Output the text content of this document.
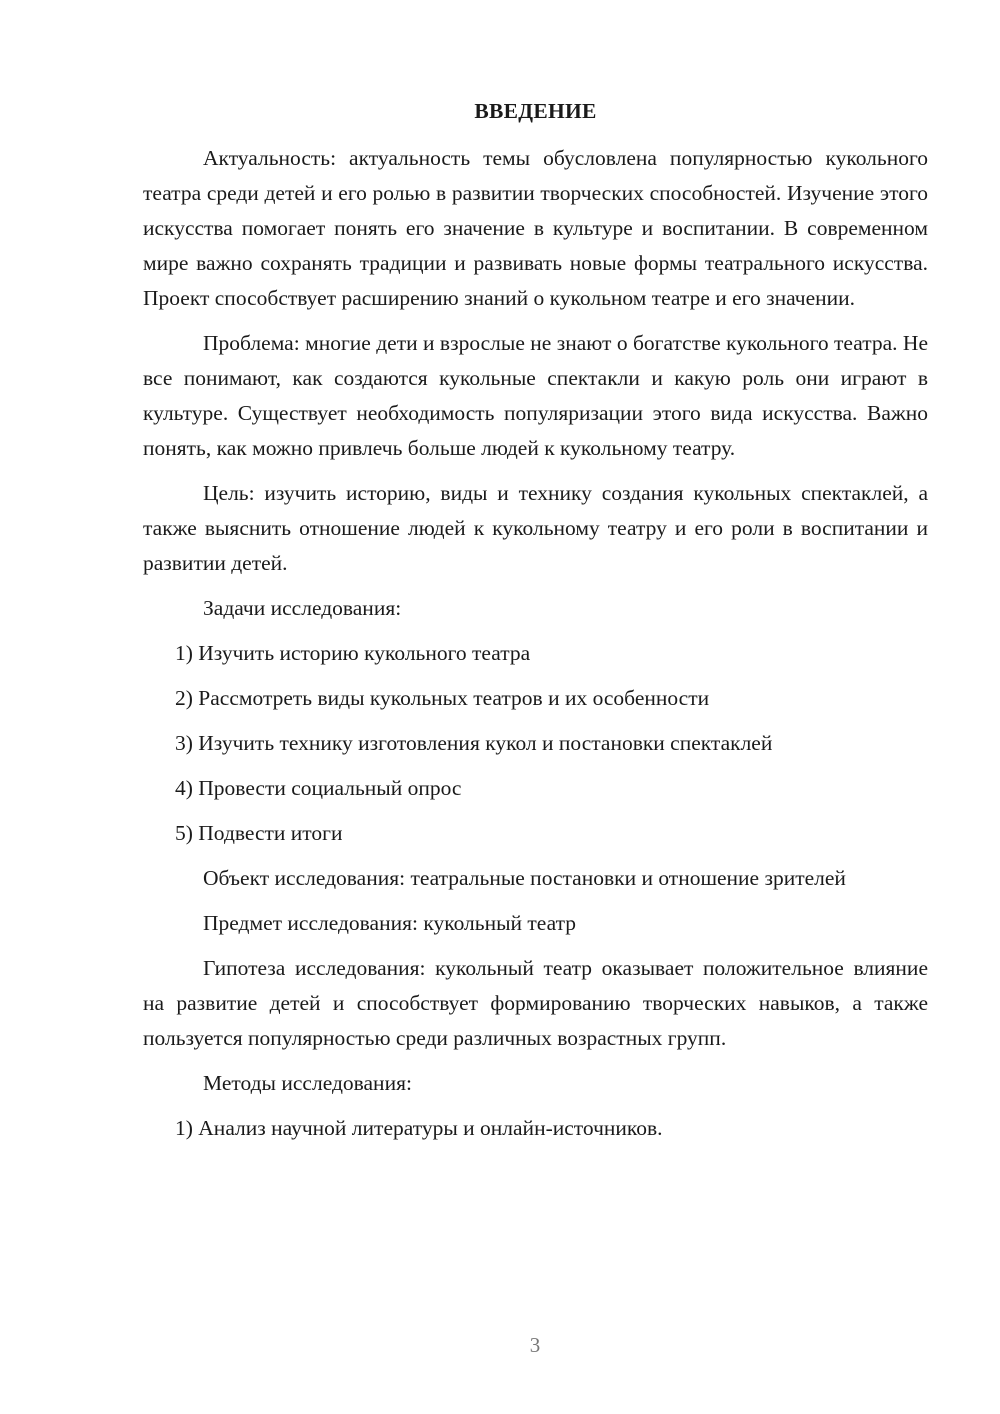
ВВЕДЕНИЕ

Актуальность: актуальность темы обусловлена популярностью кукольного театра среди детей и его ролью в развитии творческих способностей. Изучение этого искусства помогает понять его значение в культуре и воспитании. В современном мире важно сохранять традиции и развивать новые формы театрального искусства. Проект способствует расширению знаний о кукольном театре и его значении.

Проблема: многие дети и взрослые не знают о богатстве кукольного театра. Не все понимают, как создаются кукольные спектакли и какую роль они играют в культуре. Существует необходимость популяризации этого вида искусства. Важно понять, как можно привлечь больше людей к кукольному театру.

Цель: изучить историю, виды и технику создания кукольных спектаклей, а также выяснить отношение людей к кукольному театру и его роли в воспитании и развитии детей.

Задачи исследования:

1) Изучить историю кукольного театра
2) Рассмотреть виды кукольных театров и их особенности
3) Изучить технику изготовления кукол и постановки спектаклей
4) Провести социальный опрос
5) Подвести итоги

Объект исследования: театральные постановки и отношение зрителей

Предмет исследования: кукольный театр

Гипотеза исследования: кукольный театр оказывает положительное влияние на развитие детей и способствует формированию творческих навыков, а также пользуется популярностью среди различных возрастных групп.

Методы исследования:

1) Анализ научной литературы и онлайн-источников.
3
